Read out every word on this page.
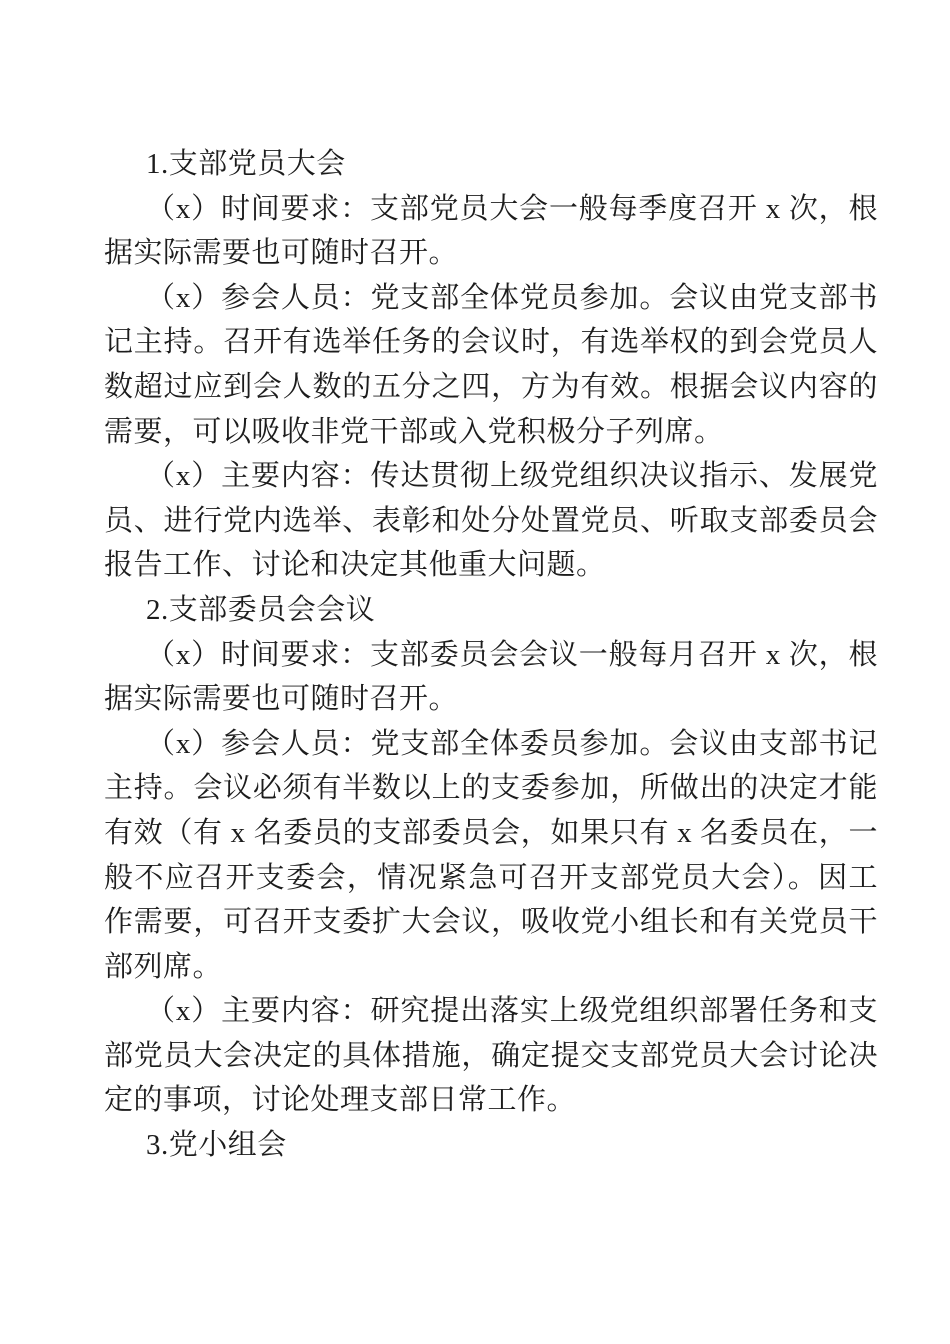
1.支部党员大会

（x）时间要求：支部党员大会一般每季度召开 x 次，根据实际需要也可随时召开。

（x）参会人员：党支部全体党员参加。会议由党支部书记主持。召开有选举任务的会议时，有选举权的到会党员人数超过应到会人数的五分之四，方为有效。根据会议内容的需要，可以吸收非党干部或入党积极分子列席。

（x）主要内容：传达贯彻上级党组织决议指示、发展党员、进行党内选举、表彰和处分处置党员、听取支部委员会报告工作、讨论和决定其他重大问题。

2.支部委员会会议

（x）时间要求：支部委员会会议一般每月召开 x 次，根据实际需要也可随时召开。

（x）参会人员：党支部全体委员参加。会议由支部书记主持。会议必须有半数以上的支委参加，所做出的决定才能有效（有 x 名委员的支部委员会，如果只有 x 名委员在，一般不应召开支委会，情况紧急可召开支部党员大会）。因工作需要，可召开支委扩大会议，吸收党小组长和有关党员干部列席。

（x）主要内容：研究提出落实上级党组织部署任务和支部党员大会决定的具体措施，确定提交支部党员大会讨论决定的事项，讨论处理支部日常工作。

3.党小组会
